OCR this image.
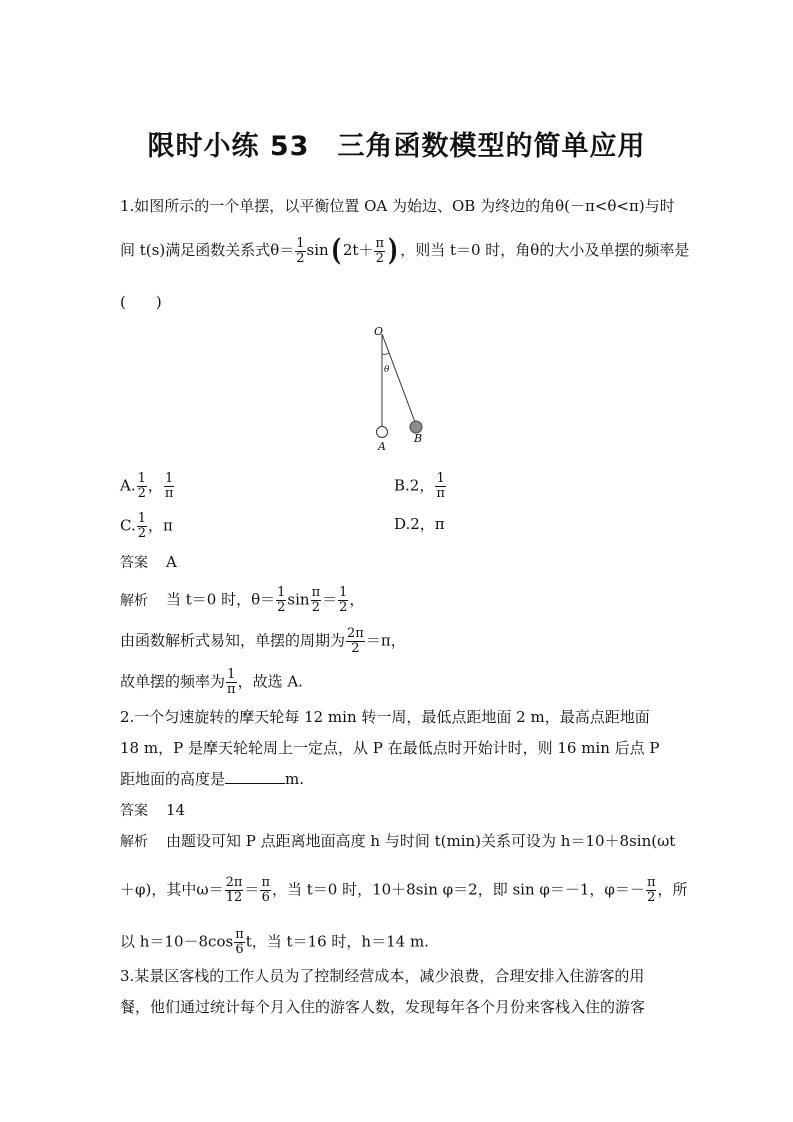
限时小练 53 三角函数模型的简单应用
1.如图所示的一个单摆，以平衡位置 OA 为始边、OB 为终边的角θ(－π<θ<π)与时
间 t(s)满足函数关系式$\theta= \frac{1}{2} \sin$( $2t+ \frac{\pi}{2}$ ) ，则当 t＝0 时，角θ的大小及单摆的频率是
(　　)
O
θ
A
B
A. $\frac{1}{2}$ ， $\frac{1}{\pi}$	B.2， $\frac{1}{\pi}$
C. $\frac{1}{2}$ ，π	D.2，π
答案 A
解析 当 t＝0 时，$\theta= \frac{1}{2}$ $\sin \frac{\pi}{2} = \frac{1}{2}$ ，
由函数解析式易知，单摆的周期为 $\frac{2\pi}{2} =\pi$，
故单摆的频率为 $\frac{1}{\pi}$ ，故选 A.
2.一个匀速旋转的摩天轮每 12 min 转一周，最低点距地面 2 m，最高点距地面
18 m，P 是摩天轮轮周上一定点，从 P 在最低点时开始计时，则 16 min 后点 P
距地面的高度是	m.
答案 14
解析 由题设可知 P 点距离地面高度 h 与时间 t(min)关系可设为 h＝10＋8sin(ωt
＋φ)，其中$\omega= \frac{2\pi}{12} = \frac{\pi}{6}$ ，当 t＝0 时，10＋8sin φ＝2，即 sin φ＝－1，$\varphi=- \frac{\pi}{2}$ ，所
以 $h=10-8\cos \frac{\pi}{6}$ t，当 t＝16 时，h＝14 m.
3.某景区客栈的工作人员为了控制经营成本，减少浪费，合理安排入住游客的用
餐，他们通过统计每个月入住的游客人数，发现每年各个月份来客栈入住的游客
